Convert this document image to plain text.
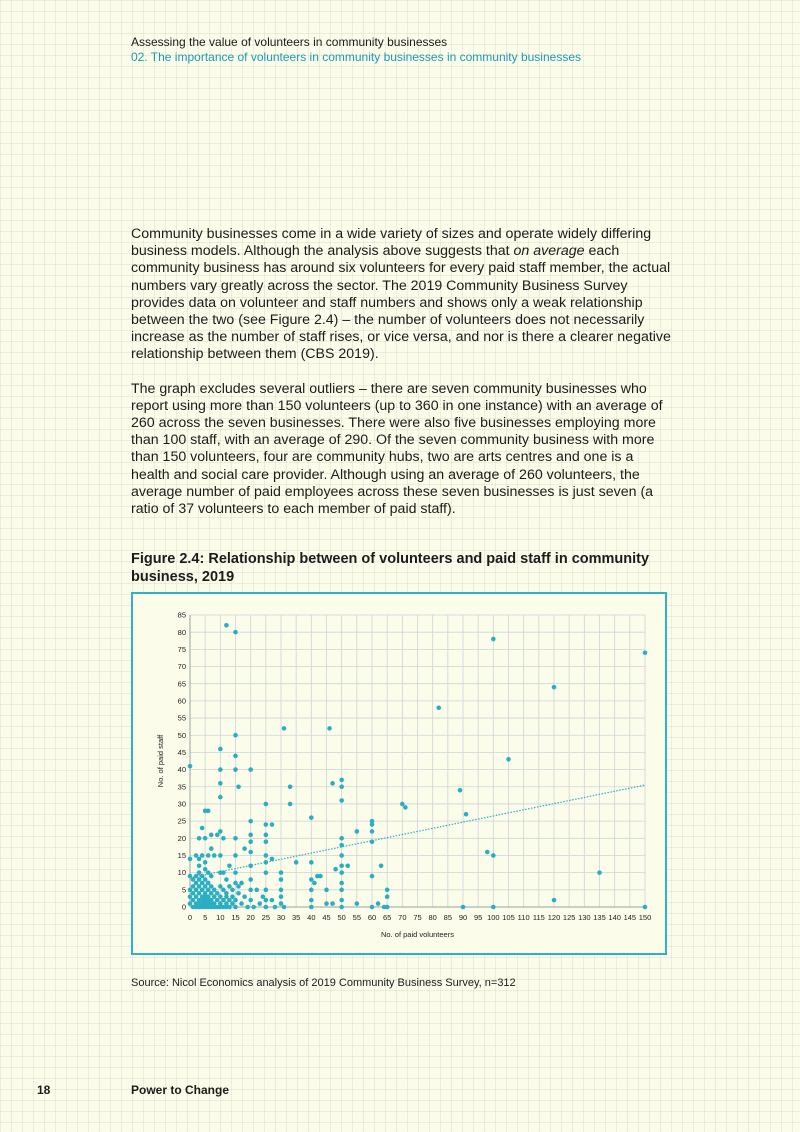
Assessing the value of volunteers in community businesses
02. The importance of volunteers in community businesses in community businesses

Community businesses come in a wide variety of sizes and operate widely differing business models. Although the analysis above suggests that on average each community business has around six volunteers for every paid staff member, the actual numbers vary greatly across the sector. The 2019 Community Business Survey provides data on volunteer and staff numbers and shows only a weak relationship between the two (see Figure 2.4) – the number of volunteers does not necessarily increase as the number of staff rises, or vice versa, and nor is there a clearer negative relationship between them (CBS 2019).

The graph excludes several outliers – there are seven community businesses who report using more than 150 volunteers (up to 360 in one instance) with an average of 260 across the seven businesses. There were also five businesses employing more than 100 staff, with an average of 290. Of the seven community business with more than 150 volunteers, four are community hubs, two are arts centres and one is a health and social care provider. Although using an average of 260 volunteers, the average number of paid employees across these seven businesses is just seven (a ratio of 37 volunteers to each member of paid staff).

Figure 2.4: Relationship between of volunteers and paid staff in community business, 2019
0 5 10 15 20 25 30 35 40 45 50 55 60 65 70 75 80 85 90 95 100 105 110 115 120 125 130 135 140 145 150
0
5
10
15
20
25
30
35
40
45
50
55
60
65
70
75
80
85
No. of paid volunteers
No. of paid staff
Source: Nicol Economics analysis of 2019 Community Business Survey, n=312
18	Power to Change
